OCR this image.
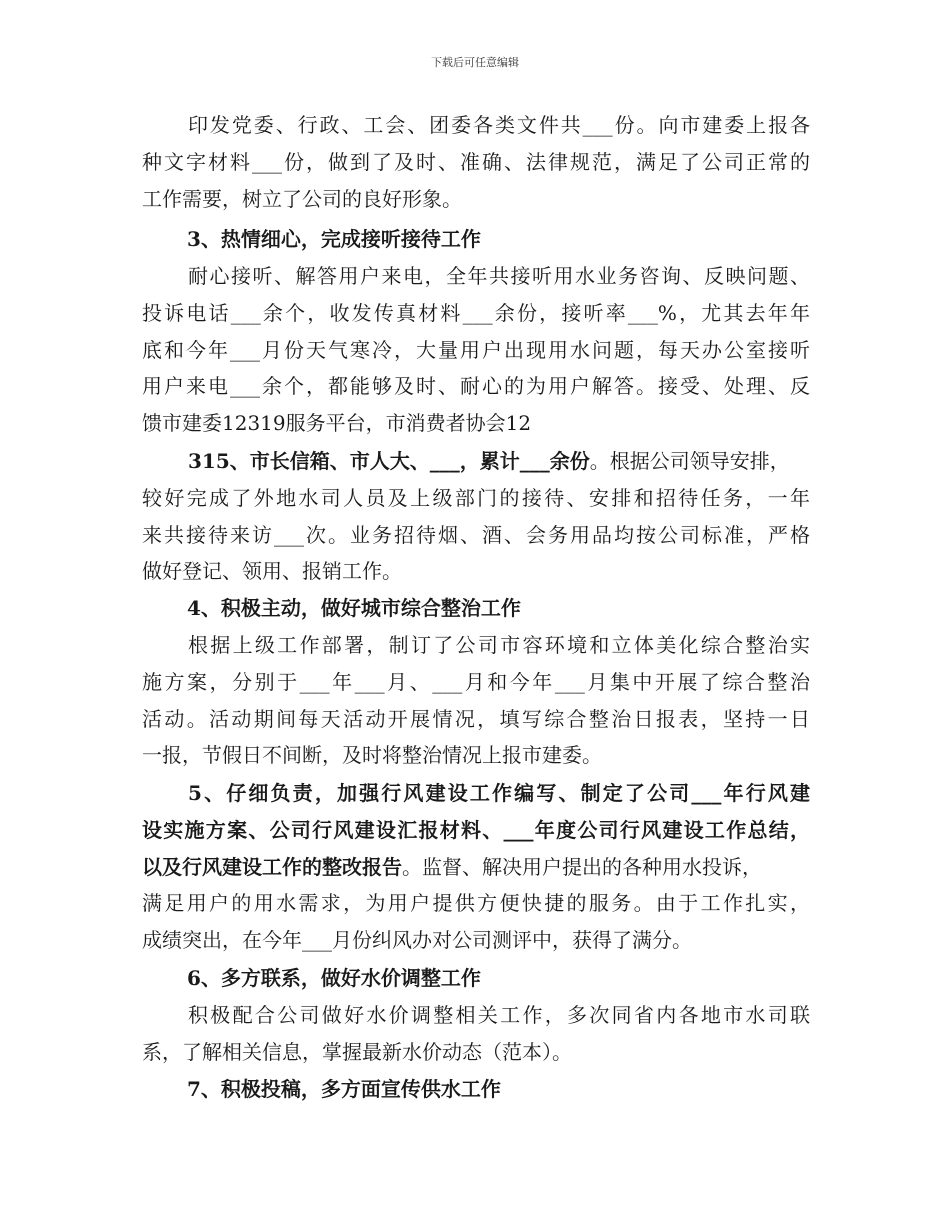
下载后可任意编辑
印发党委、行政、工会、团委各类文件共___份。向市建委上报各
种文字材料___份，做到了及时、准确、法律规范，满足了公司正常的
工作需要，树立了公司的良好形象。
3、热情细心，完成接听接待工作
耐心接听、解答用户来电，全年共接听用水业务咨询、反映问题、
投诉电话___余个，收发传真材料___余份，接听率___%，尤其去年年
底和今年___月份天气寒冷，大量用户出现用水问题，每天办公室接听
用户来电___余个，都能够及时、耐心的为用户解答。接受、处理、反
馈市建委12319服务平台，市消费者协会12
315、市长信箱、市人大、___，累计___余份。根据公司领导安排，
较好完成了外地水司人员及上级部门的接待、安排和招待任务，一年
来共接待来访___次。业务招待烟、酒、会务用品均按公司标准，严格
做好登记、领用、报销工作。
4、积极主动，做好城市综合整治工作
根据上级工作部署，制订了公司市容环境和立体美化综合整治实
施方案，分别于___年___月、___月和今年___月集中开展了综合整治
活动。活动期间每天活动开展情况，填写综合整治日报表，坚持一日
一报，节假日不间断，及时将整治情况上报市建委。
5、仔细负责，加强行风建设工作编写、制定了公司___年行风建
设实施方案、公司行风建设汇报材料、___年度公司行风建设工作总结，
以及行风建设工作的整改报告。监督、解决用户提出的各种用水投诉，
满足用户的用水需求，为用户提供方便快捷的服务。由于工作扎实，
成绩突出，在今年___月份纠风办对公司测评中，获得了满分。
6、多方联系，做好水价调整工作
积极配合公司做好水价调整相关工作，多次同省内各地市水司联
系，了解相关信息，掌握最新水价动态（范本）。
7、积极投稿，多方面宣传供水工作
